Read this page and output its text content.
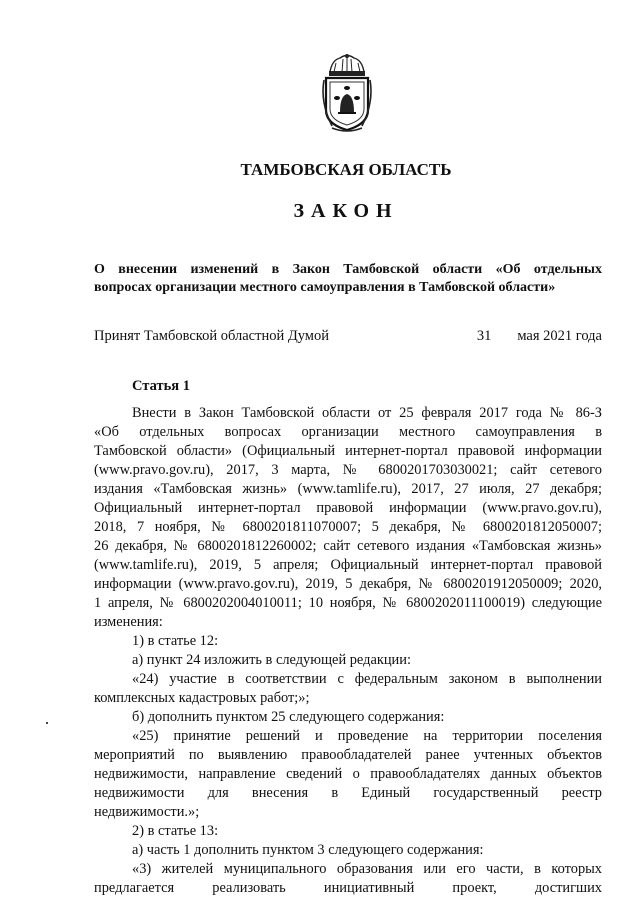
ТАМБОВСКАЯ ОБЛАСТЬ
ЗАКОН
О внесении изменений в Закон Тамбовской области «Об отдельных
вопросах организации местного самоуправления в Тамбовской области»
Принят Тамбовской областной Думой	31 мая 2021 года
Статья 1
Внести в Закон Тамбовской области от 25 февраля 2017 года № 86-З
«Об отдельных вопросах организации местного самоуправления в
Тамбовской области» (Официальный интернет-портал правовой информации
(www.pravo.gov.ru), 2017, 3 марта, № 6800201703030021; сайт сетевого
издания «Тамбовская жизнь» (www.tamlife.ru), 2017, 27 июля, 27 декабря;
Официальный интернет-портал правовой информации (www.pravo.gov.ru),
2018, 7 ноября, № 6800201811070007; 5 декабря, № 6800201812050007;
26 декабря, № 6800201812260002; сайт сетевого издания «Тамбовская жизнь»
(www.tamlife.ru), 2019, 5 апреля; Официальный интернет-портал правовой
информации (www.pravo.gov.ru), 2019, 5 декабря, № 6800201912050009; 2020,
1 апреля, № 6800202004010011; 10 ноября, № 6800202011100019) следующие
изменения:
1) в статье 12:
а) пункт 24 изложить в следующей редакции:
«24) участие в соответствии с федеральным законом в выполнении
комплексных кадастровых работ;»;
б) дополнить пунктом 25 следующего содержания:
«25) принятие решений и проведение на территории поселения
мероприятий по выявлению правообладателей ранее учтенных объектов
недвижимости, направление сведений о правообладателях данных объектов
недвижимости для внесения в Единый государственный реестр
недвижимости.»;
2) в статье 13:
а) часть 1 дополнить пунктом 3 следующего содержания:
«3) жителей муниципального образования или его части, в которых
предлагается реализовать инициативный проект, достигших
